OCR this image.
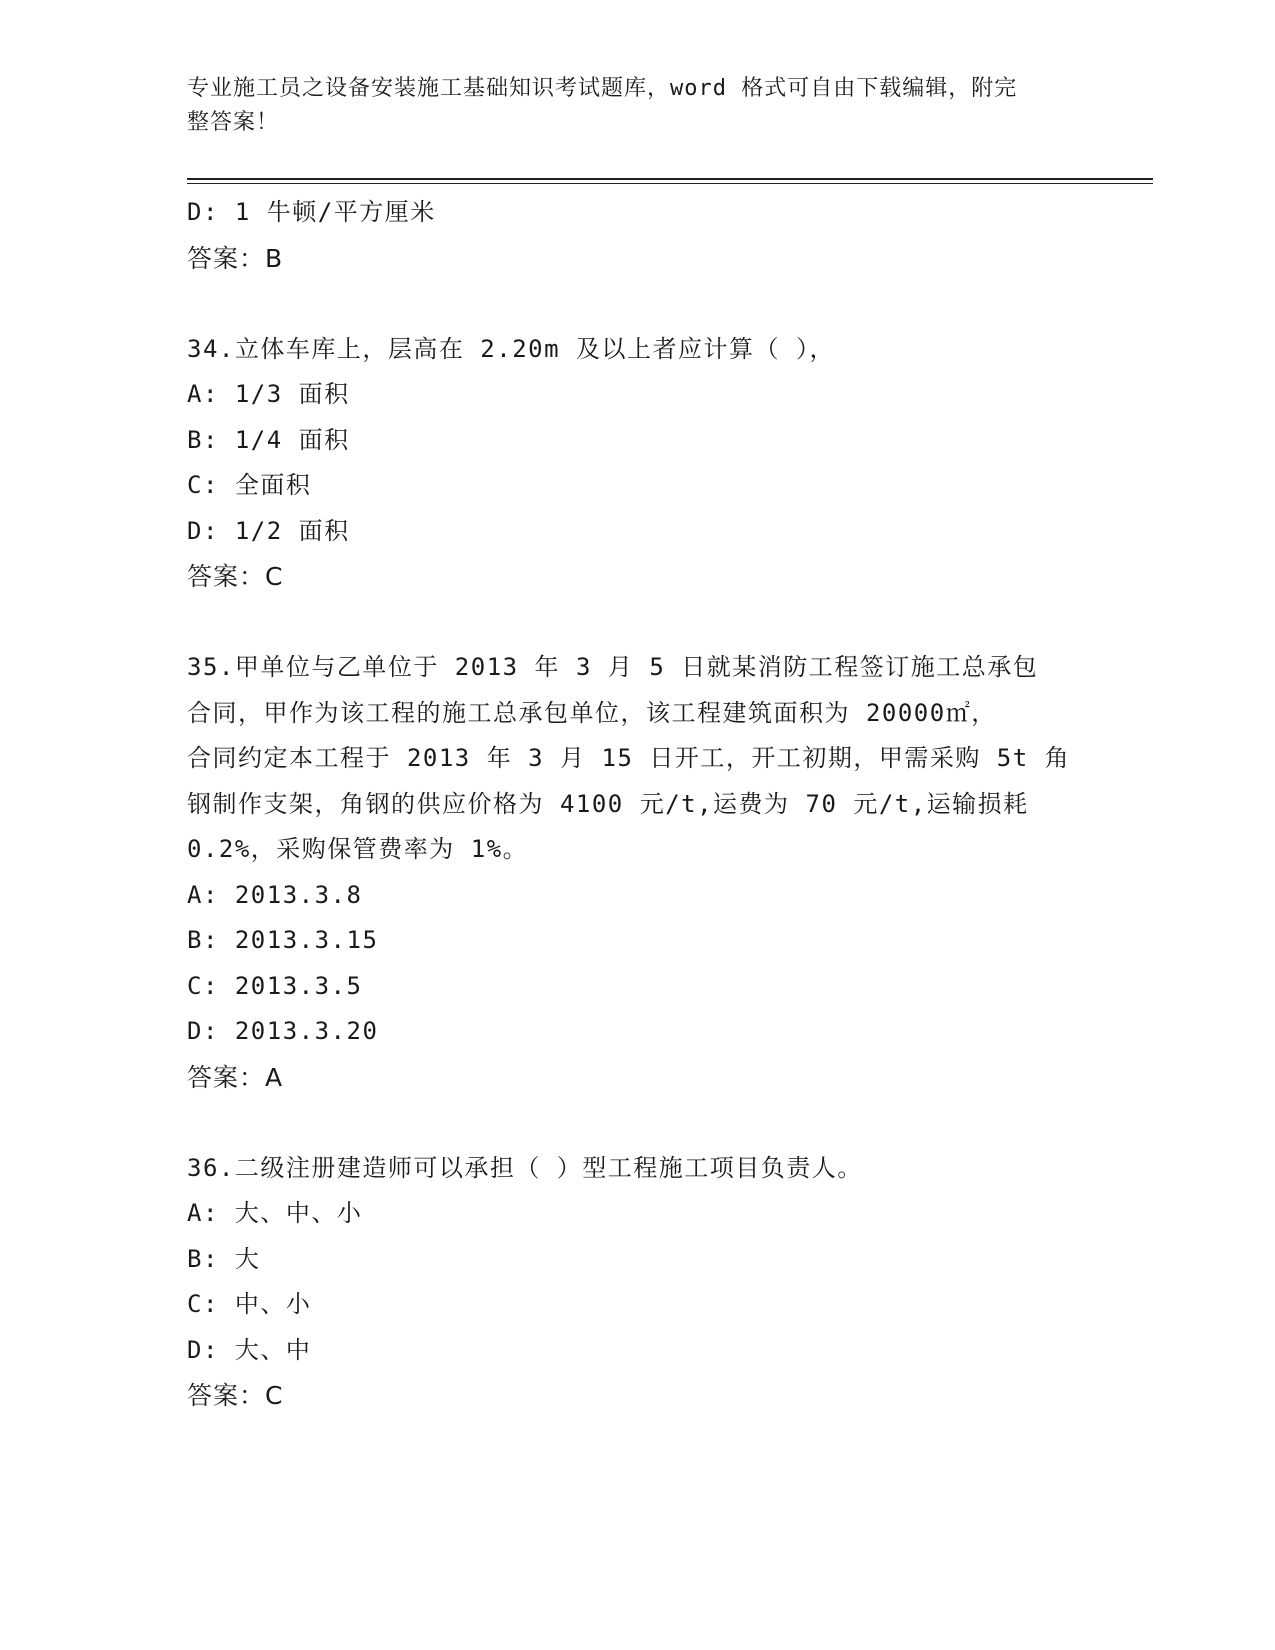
专业施工员之设备安装施工基础知识考试题库，word 格式可自由下载编辑，附完
整答案！
D: 1 牛顿/平方厘米
答案：B
34.立体车库上，层高在 2.20m 及以上者应计算（ ），
A: 1/3 面积
B: 1/4 面积
C: 全面积
D: 1/2 面积
答案：C
35.甲单位与乙单位于 2013 年 3 月 5 日就某消防工程签订施工总承包
合同，甲作为该工程的施工总承包单位，该工程建筑面积为 20000㎡，
合同约定本工程于 2013 年 3 月 15 日开工，开工初期，甲需采购 5t 角
钢制作支架，角钢的供应价格为 4100 元/t,运费为 70 元/t,运输损耗
0.2%，采购保管费率为 1%。
A: 2013.3.8
B: 2013.3.15
C: 2013.3.5
D: 2013.3.20
答案：A
36.二级注册建造师可以承担（ ）型工程施工项目负责人。
A: 大、中、小
B: 大
C: 中、小
D: 大、中
答案：C
